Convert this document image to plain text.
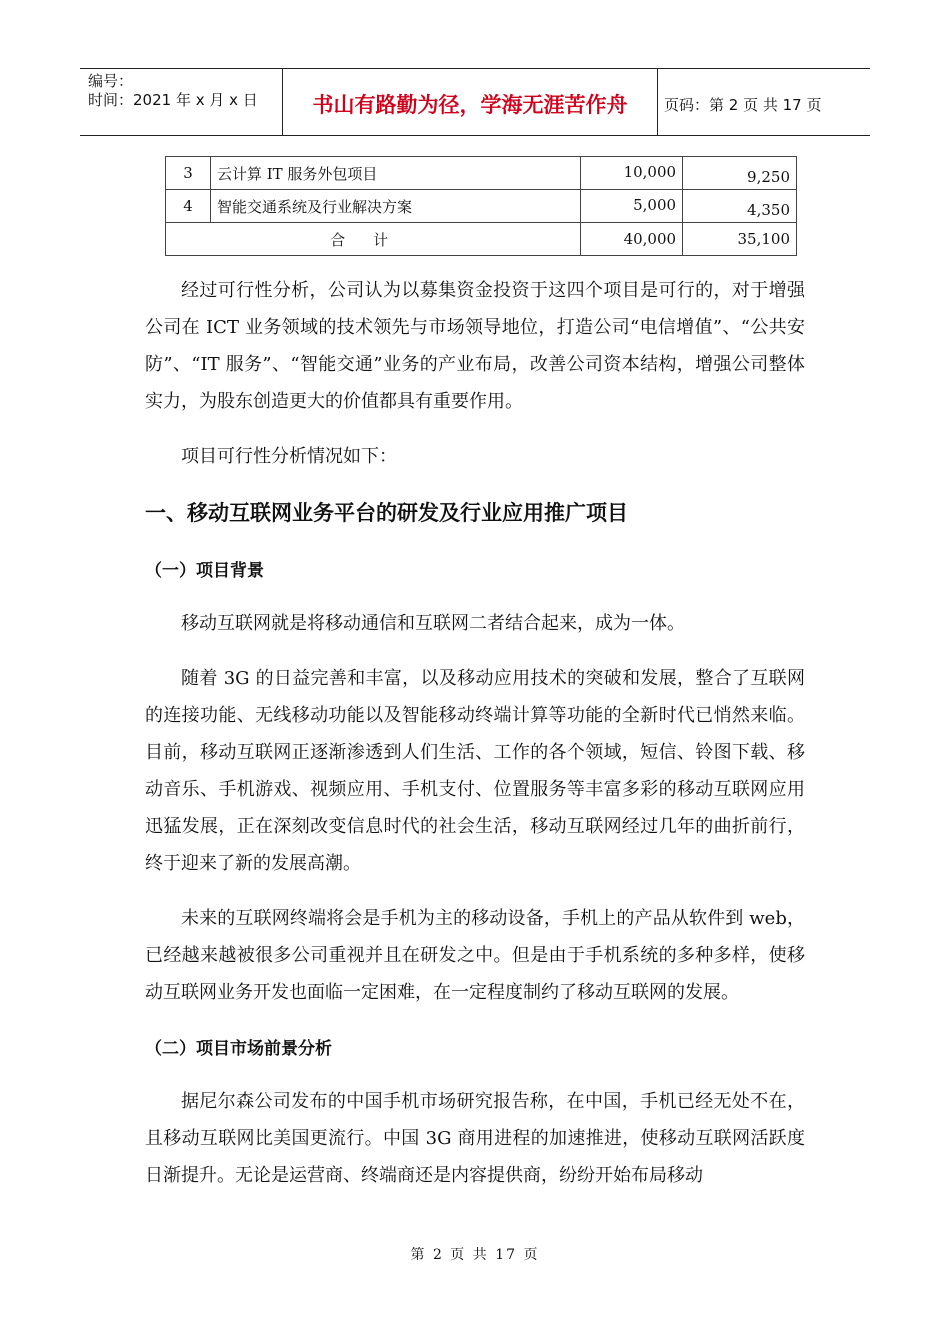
编号：
时间：2021 年 x 月 x 日	书山有路勤为径，学海无涯苦作舟	页码：第 2 页 共 17 页
3	云计算 IT 服务外包项目	10,000	9,250
4	智能交通系统及行业解决方案	5,000	4,350
合计		40,000	35,100

经过可行性分析，公司认为以募集资金投资于这四个项目是可行的，对于增强公司在 ICT 业务领域的技术领先与市场领导地位，打造公司“电信增值”、“公共安防”、“IT 服务”、“智能交通”业务的产业布局，改善公司资本结构，增强公司整体实力，为股东创造更大的价值都具有重要作用。

项目可行性分析情况如下：

一、移动互联网业务平台的研发及行业应用推广项目
（一）项目背景

移动互联网就是将移动通信和互联网二者结合起来，成为一体。

随着 3G 的日益完善和丰富，以及移动应用技术的突破和发展，整合了互联网的连接功能、无线移动功能以及智能移动终端计算等功能的全新时代已悄然来临。目前，移动互联网正逐渐渗透到人们生活、工作的各个领域，短信、铃图下载、移动音乐、手机游戏、视频应用、手机支付、位置服务等丰富多彩的移动互联网应用迅猛发展，正在深刻改变信息时代的社会生活，移动互联网经过几年的曲折前行，终于迎来了新的发展高潮。

未来的互联网终端将会是手机为主的移动设备，手机上的产品从软件到 web，已经越来越被很多公司重视并且在研发之中。但是由于手机系统的多种多样，使移动互联网业务开发也面临一定困难，在一定程度制约了移动互联网的发展。

（二）项目市场前景分析

据尼尔森公司发布的中国手机市场研究报告称，在中国，手机已经无处不在，且移动互联网比美国更流行。中国 3G 商用进程的加速推进，使移动互联网活跃度日渐提升。无论是运营商、终端商还是内容提供商，纷纷开始布局移动

第 2 页 共 17 页
